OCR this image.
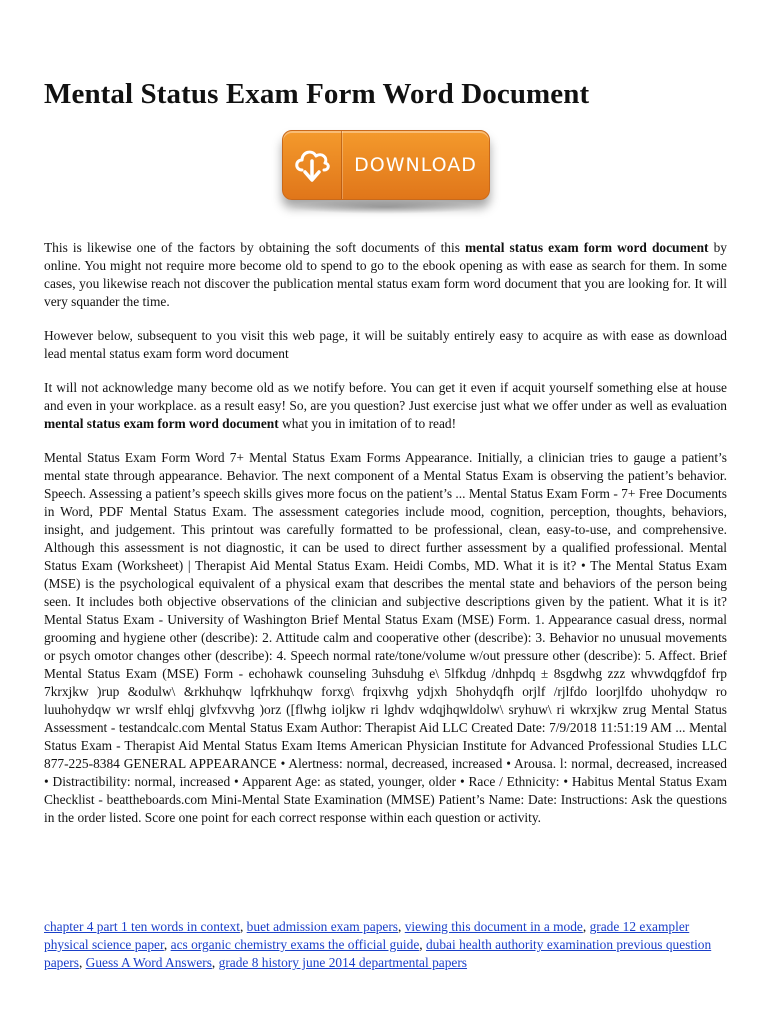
Mental Status Exam Form Word Document
DOWNLOAD

This is likewise one of the factors by obtaining the soft documents of this mental status exam form word document by online. You might not require more become old to spend to go to the ebook opening as with ease as search for them. In some cases, you likewise reach not discover the publication mental status exam form word document that you are looking for. It will very squander the time.

However below, subsequent to you visit this web page, it will be suitably entirely easy to acquire as with ease as download lead mental status exam form word document

It will not acknowledge many become old as we notify before. You can get it even if acquit yourself something else at house and even in your workplace. as a result easy! So, are you question? Just exercise just what we offer under as well as evaluation mental status exam form word document what you in imitation of to read!

Mental Status Exam Form Word 7+ Mental Status Exam Forms Appearance. Initially, a clinician tries to gauge a patient’s mental state through appearance. Behavior. The next component of a Mental Status Exam is observing the patient’s behavior. Speech. Assessing a patient’s speech skills gives more focus on the patient’s ... Mental Status Exam Form - 7+ Free Documents in Word, PDF Mental Status Exam. The assessment categories include mood, cognition, perception, thoughts, behaviors, insight, and judgement. This printout was carefully formatted to be professional, clean, easy-to-use, and comprehensive. Although this assessment is not diagnostic, it can be used to direct further assessment by a qualified professional. Mental Status Exam (Worksheet) | Therapist Aid Mental Status Exam. Heidi Combs, MD. What it is it? • The Mental Status Exam (MSE) is the psychological equivalent of a physical exam that describes the mental state and behaviors of the person being seen. It includes both objective observations of the clinician and subjective descriptions given by the patient. What it is it? Mental Status Exam - University of Washington Brief Mental Status Exam (MSE) Form. 1. Appearance casual dress, normal grooming and hygiene other (describe): 2. Attitude calm and cooperative other (describe): 3. Behavior no unusual movements or psych omotor changes other (describe): 4. Speech normal rate/tone/volume w/out pressure other (describe): 5. Affect. Brief Mental Status Exam (MSE) Form - echohawk counseling 3uhsduhg e\ 5lfkdug /dnhpdq ± 8sgdwhg zzz whvwdqgfdof frp 7krxjkw )rup &odulw\ &rkhuhqw lqfrkhuhqw forxg\ frqixvhg ydjxh 5hohydqfh orjlf /rjlfdo loorjlfdo uhohydqw ro luuhohydqw wr wrslf ehlqj glvfxvvhg )orz ([flwhg ioljkw ri lghdv wdqjhqwldolw\ sryhuw\ ri wkrxjkw zrug Mental Status Assessment - testandcalc.com Mental Status Exam Author: Therapist Aid LLC Created Date: 7/9/2018 11:51:19 AM ... Mental Status Exam - Therapist Aid Mental Status Exam Items American Physician Institute for Advanced Professional Studies LLC 877-225-8384 GENERAL APPEARANCE • Alertness: normal, decreased, increased • Arousa. l: normal, decreased, increased • Distractibility: normal, increased • Apparent Age: as stated, younger, older • Race / Ethnicity: • Habitus Mental Status Exam Checklist - beattheboards.com Mini-Mental State Examination (MMSE) Patient’s Name: Date: Instructions: Ask the questions in the order listed. Score one point for each correct response within each question or activity.

chapter 4 part 1 ten words in context, buet admission exam papers, viewing this document in a mode, grade 12 exampler physical science paper, acs organic chemistry exams the official guide, dubai health authority examination previous question papers, Guess A Word Answers, grade 8 history june 2014 departmental papers
